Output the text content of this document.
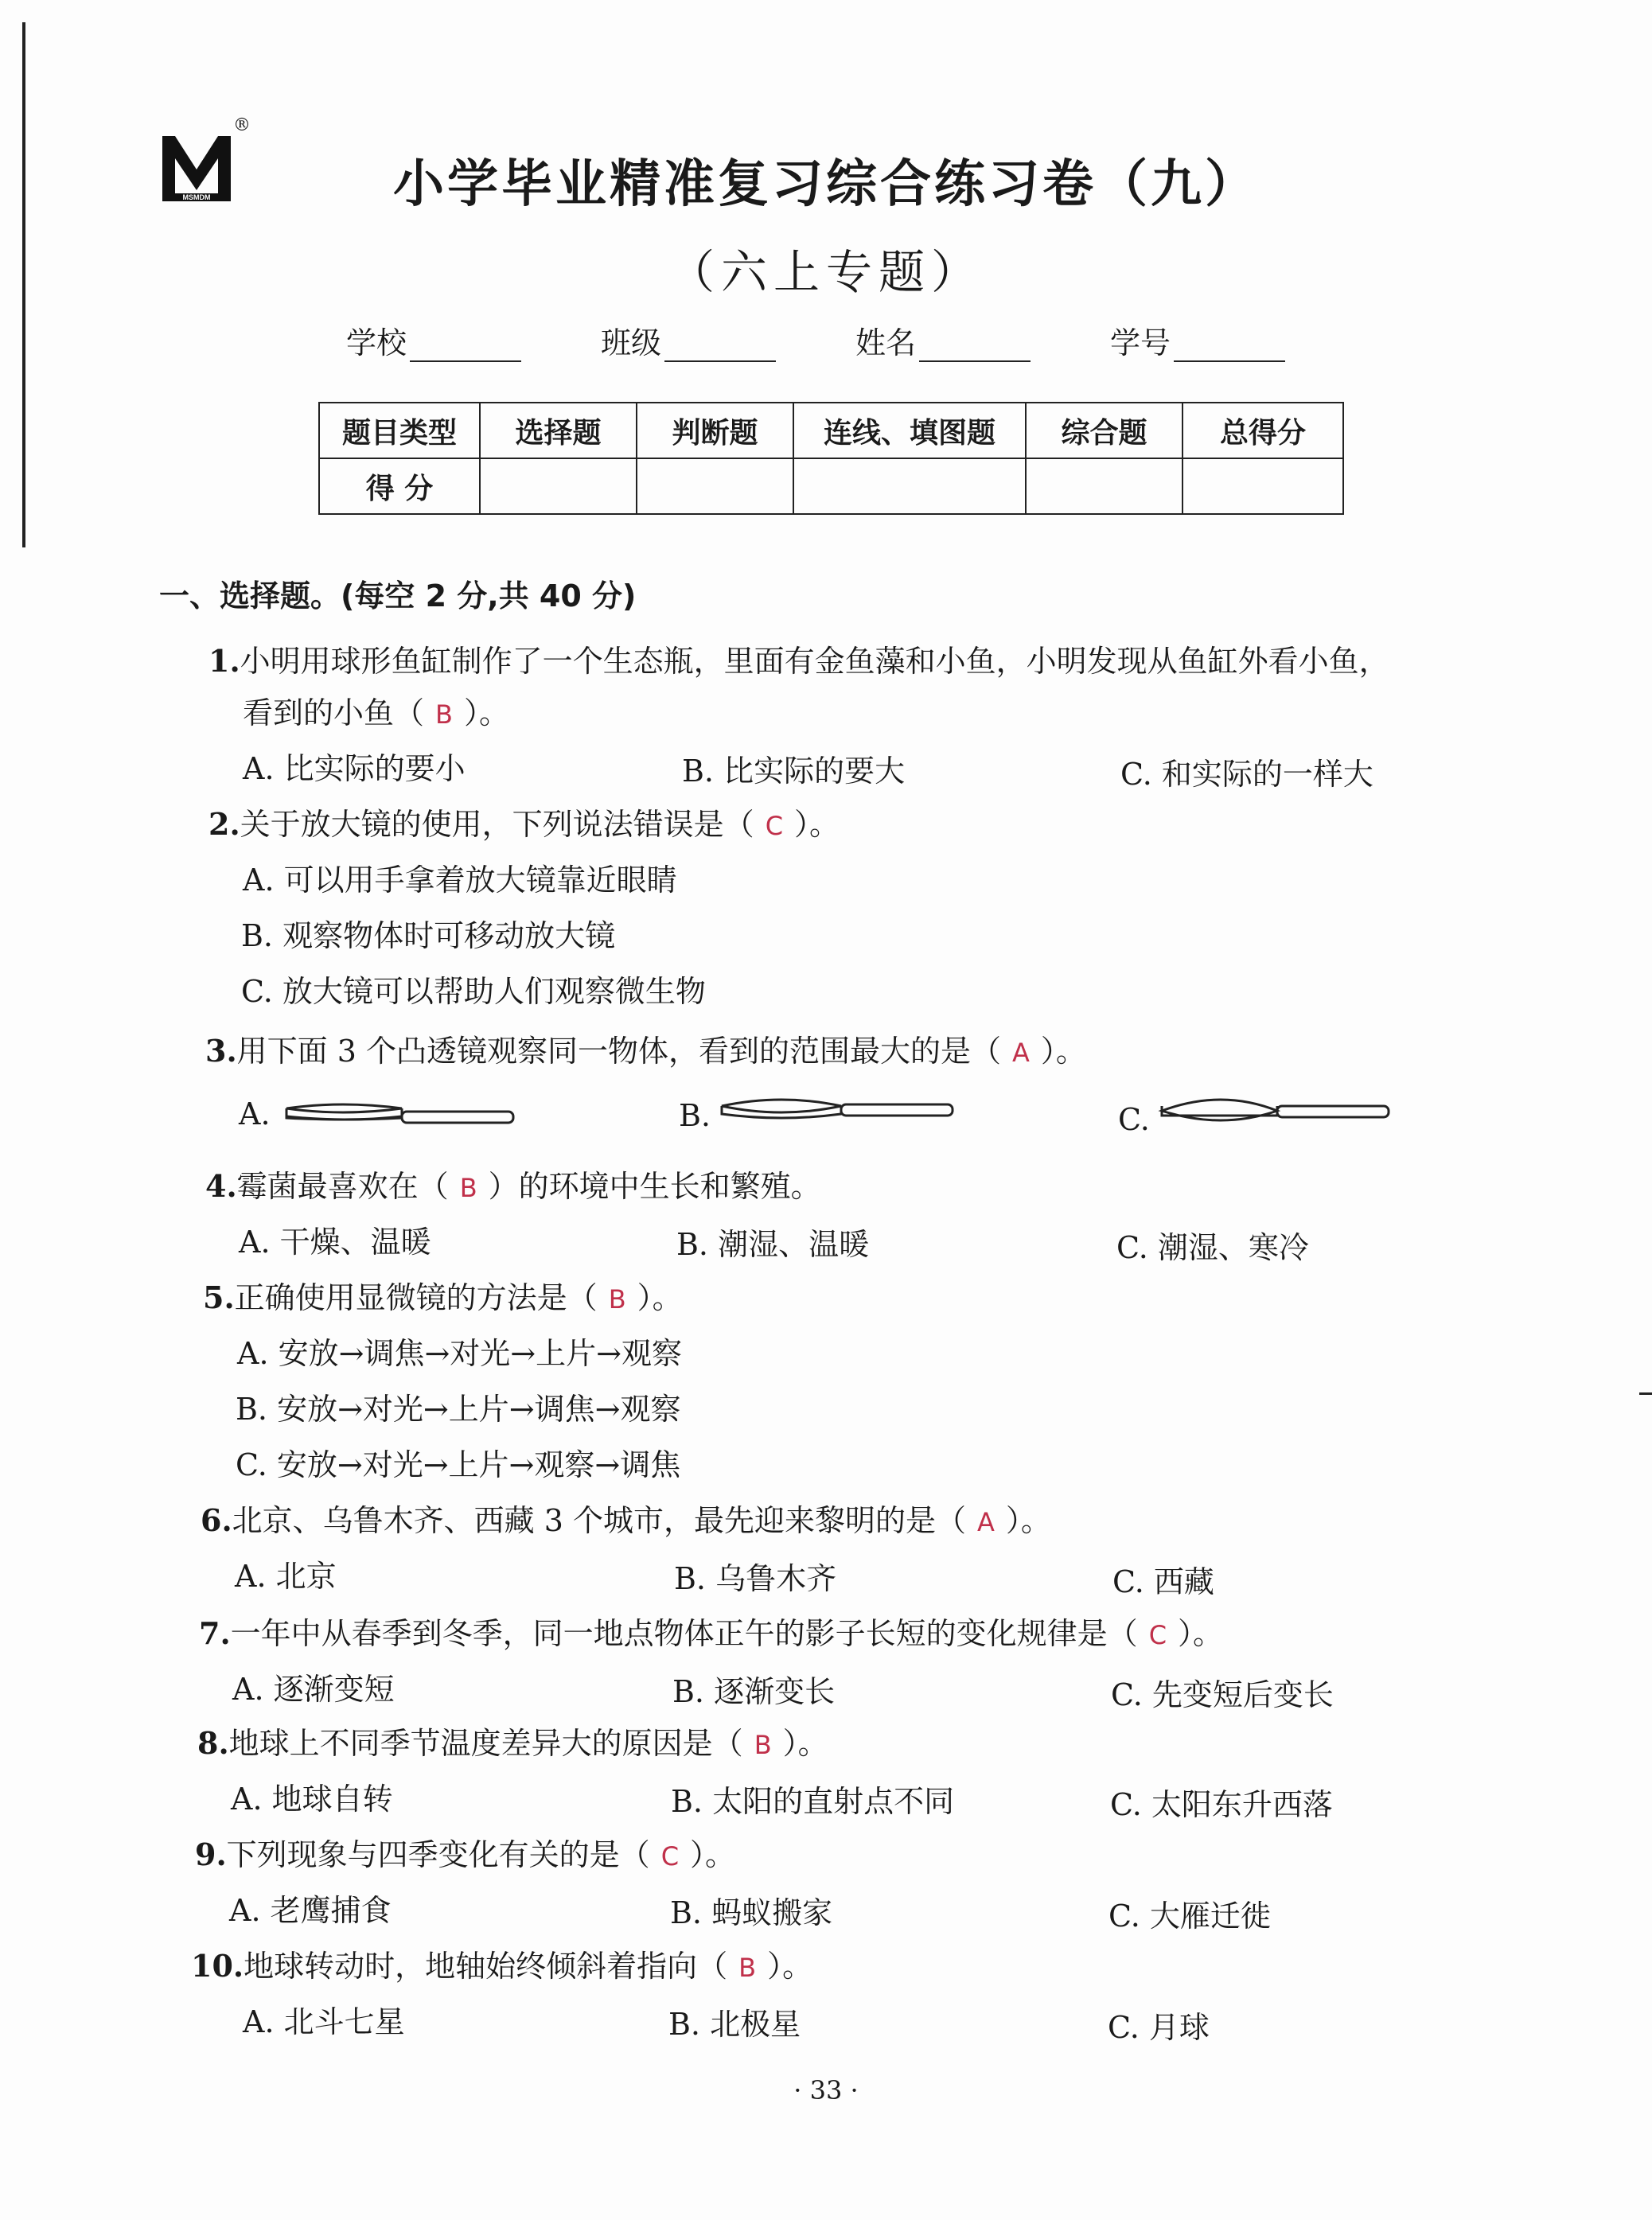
MSMDM
®
小学毕业精准复习综合练习卷（九）
（六上专题）
学校	班级	姓名	学号
题目类型	选择题	判断题	连线、填图题	综合题	总得分
得 分					
一、选择题。(每空 2 分,共 40 分)
1.小明用球形鱼缸制作了一个生态瓶，里面有金鱼藻和小鱼，小明发现从鱼缸外看小鱼，
看到的小鱼（ B ）。
A. 比实际的要小	B. 比实际的要大	C. 和实际的一样大
2.关于放大镜的使用，下列说法错误是（ C ）。
A. 可以用手拿着放大镜靠近眼睛
B. 观察物体时可移动放大镜
C. 放大镜可以帮助人们观察微生物
3.用下面 3 个凸透镜观察同一物体，看到的范围最大的是（ A ）。
A.	B.	C.
4.霉菌最喜欢在（ B ）的环境中生长和繁殖。
A. 干燥、温暖	B. 潮湿、温暖	C. 潮湿、寒冷
5.正确使用显微镜的方法是（ B ）。
A. 安放→调焦→对光→上片→观察
B. 安放→对光→上片→调焦→观察
C. 安放→对光→上片→观察→调焦
6.北京、乌鲁木齐、西藏 3 个城市，最先迎来黎明的是（ A ）。
A. 北京	B. 乌鲁木齐	C. 西藏
7.一年中从春季到冬季，同一地点物体正午的影子长短的变化规律是（ C ）。
A. 逐渐变短	B. 逐渐变长	C. 先变短后变长
8.地球上不同季节温度差异大的原因是（ B ）。
A. 地球自转	B. 太阳的直射点不同	C. 太阳东升西落
9.下列现象与四季变化有关的是（ C ）。
A. 老鹰捕食	B. 蚂蚁搬家	C. 大雁迁徙
10.地球转动时，地轴始终倾斜着指向（ B ）。
A. 北斗七星	B. 北极星	C. 月球
· 33 ·
